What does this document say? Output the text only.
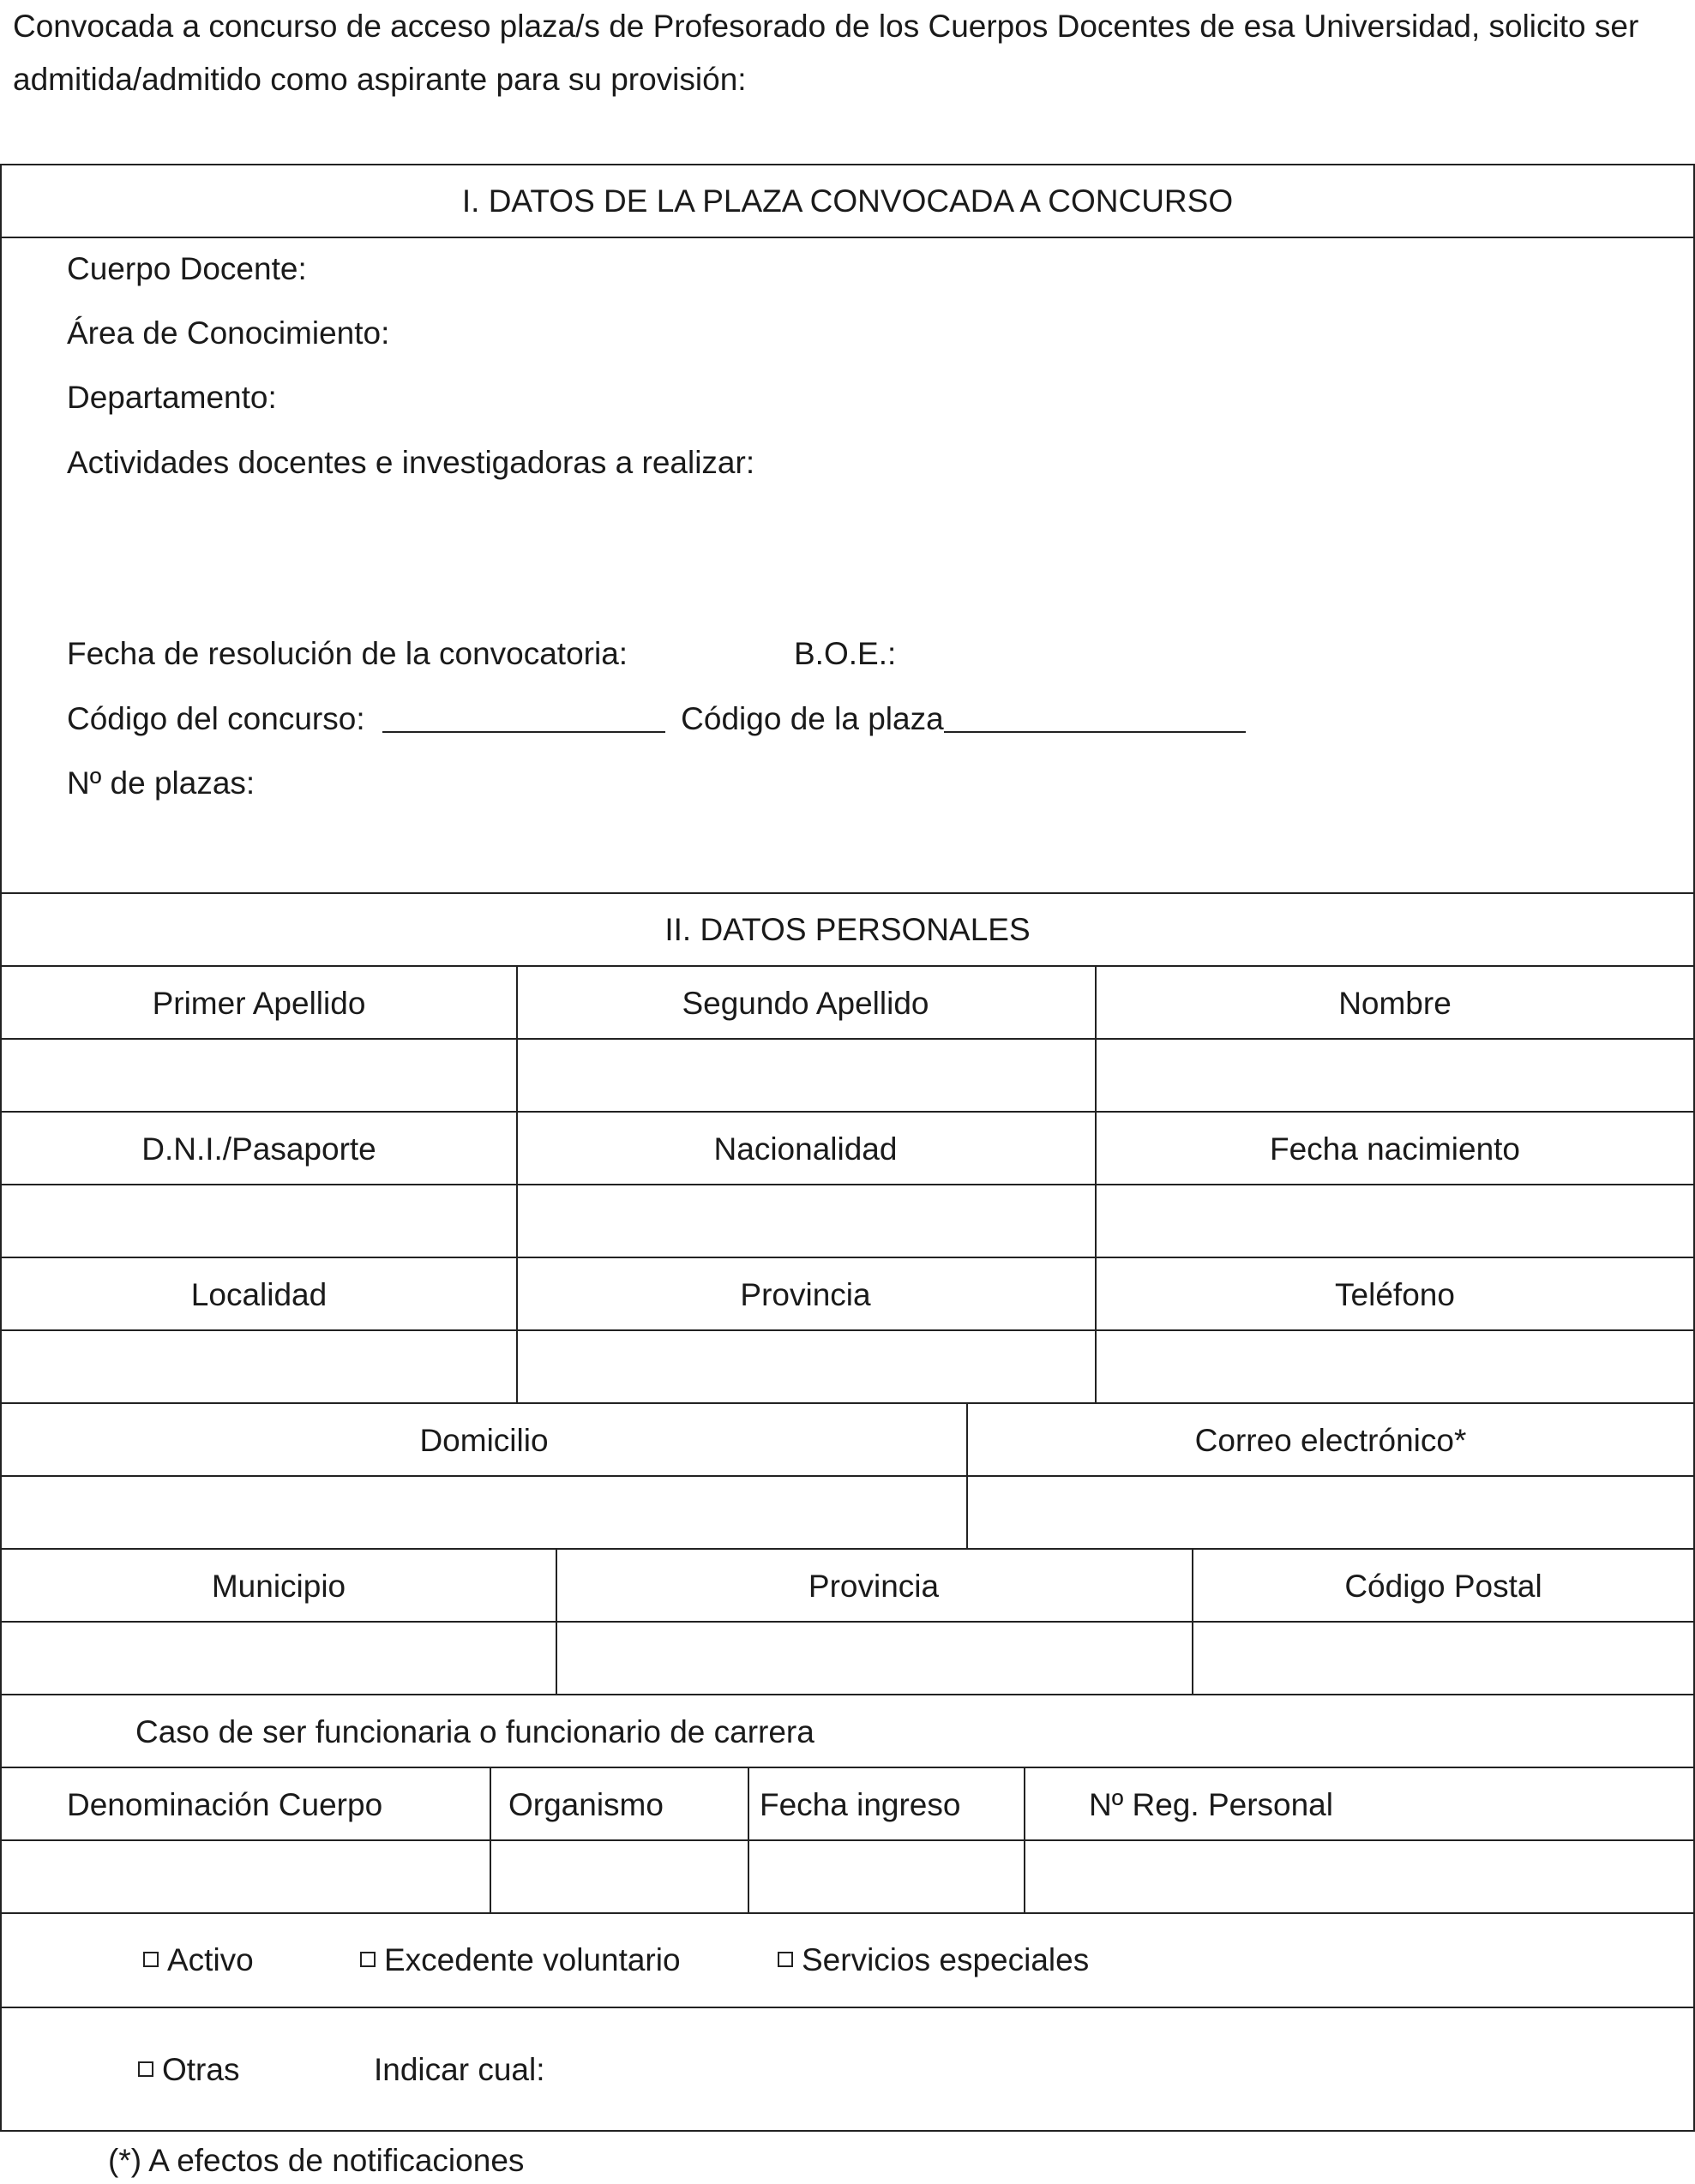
Convocada a concurso de acceso plaza/s de Profesorado de los Cuerpos Docentes de esa Universidad, solicito ser
admitida/admitido como aspirante para su provisión:
I. DATOS DE LA PLAZA CONVOCADA A CONCURSO
Cuerpo Docente:
Área de Conocimiento:
Departamento:
Actividades docentes e investigadoras a realizar:
Fecha de resolución de la convocatoria:	B.O.E.:
Código del concurso:	Código de la plaza
Nº de plazas:
II. DATOS PERSONALES
Primer Apellido	Segundo Apellido	Nombre
D.N.I./Pasaporte	Nacionalidad	Fecha nacimiento
Localidad	Provincia	Teléfono
Domicilio	Correo electrónico*
Municipio	Provincia	Código Postal
Caso de ser funcionaria o funcionario de carrera
Denominación Cuerpo	Organismo	Fecha ingreso	Nº Reg. Personal
Activo	Excedente voluntario	Servicios especiales
Otras	Indicar cual:
(*) A efectos de notificaciones
